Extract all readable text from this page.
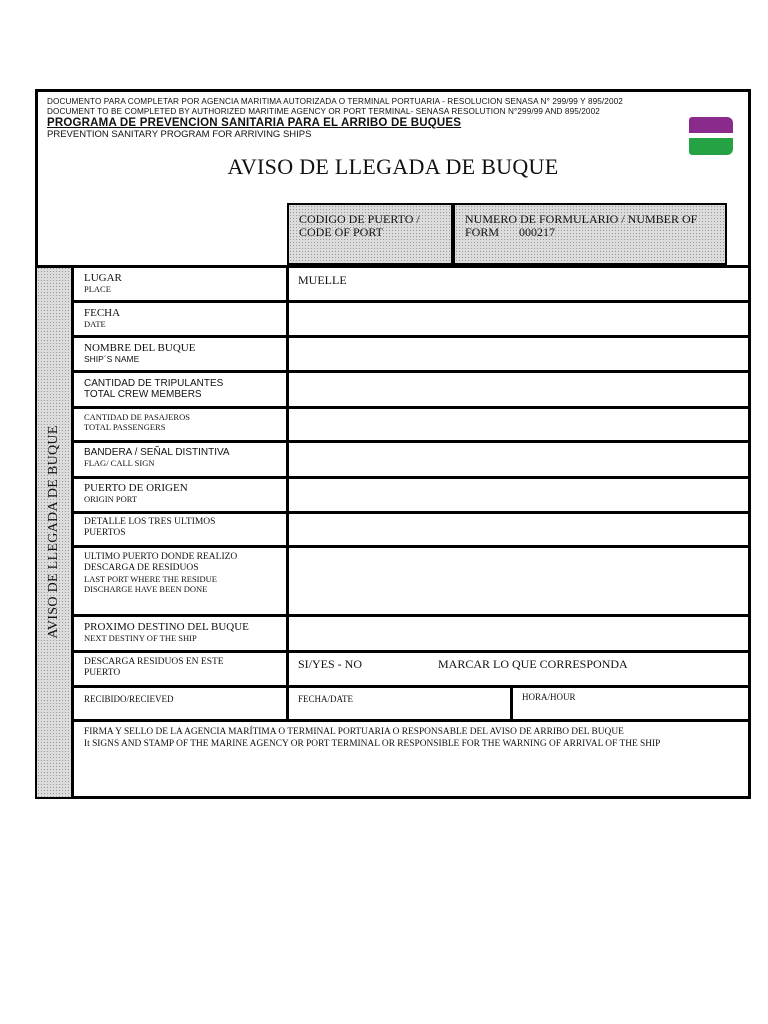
DOCUMENTO PARA COMPLETAR POR AGENCIA MARITIMA AUTORIZADA O TERMINAL PORTUARIA - RESOLUCION SENASA N° 299/99 Y 895/2002
DOCUMENT TO BE COMPLETED BY AUTHORIZED MARITIME AGENCY OR PORT TERMINAL- SENASA RESOLUTION N°299/99 AND 895/2002
PROGRAMA DE PREVENCION SANITARIA PARA EL ARRIBO DE BUQUES
PREVENTION SANITARY PROGRAM FOR ARRIVING SHIPS
AVISO DE LLEGADA DE BUQUE
CODIGO DE PUERTO /
CODE OF PORT
NUMERO DE FORMULARIO / NUMBER OF
FORM 000217
AVISO DE LLEGADA DE BUQUE
LUGAR
PLACE
MUELLE
FECHA
DATE
NOMBRE DEL BUQUE
SHIP´S NAME
CANTIDAD DE TRIPULANTES
TOTAL CREW MEMBERS
CANTIDAD DE PASAJEROS
TOTAL PASSENGERS
BANDERA / SEÑAL DISTINTIVA
FLAG/ CALL SIGN
PUERTO DE ORIGEN
ORIGIN PORT
DETALLE LOS TRES ULTIMOS
PUERTOS
ULTIMO PUERTO DONDE REALIZO
DESCARGA DE RESIDUOS
LAST PORT WHERE THE RESIDUE
DISCHARGE HAVE BEEN DONE
PROXIMO DESTINO DEL BUQUE
NEXT DESTINY OF THE SHIP
DESCARGA RESIDUOS EN ESTE
PUERTO
SI/YES - NO	MARCAR LO QUE CORRESPONDA
RECIBIDO/RECIEVED	FECHA/DATE	HORA/HOUR
FIRMA Y SELLO DE LA AGENCIA MARÍTIMA O TERMINAL PORTUARIA O RESPONSABLE DEL AVISO DE ARRIBO DEL BUQUE
It SIGNS AND STAMP OF THE MARINE AGENCY OR PORT TERMINAL OR RESPONSIBLE FOR THE WARNING OF ARRIVAL OF THE SHIP
